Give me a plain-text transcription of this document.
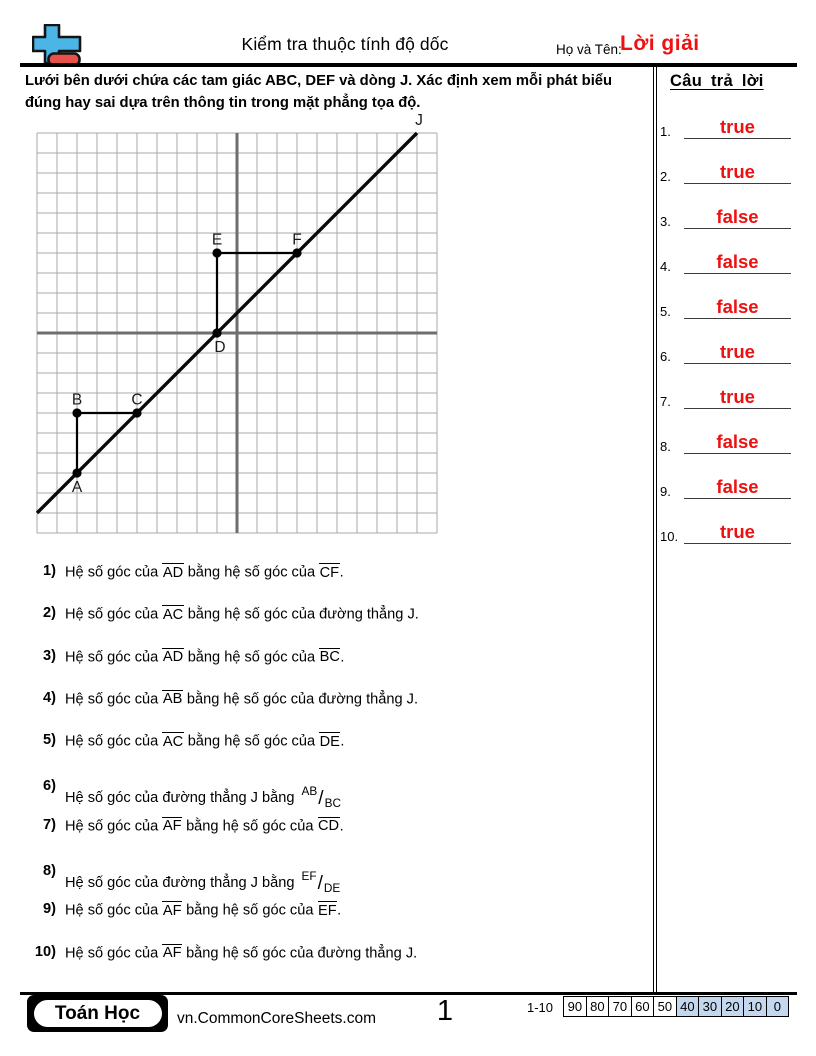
Kiểm tra thuộc tính độ dốc	Họ và Tên:
Lời giải
Lưới bên dưới chứa các tam giác ABC, DEF và dòng J. Xác định xem mỗi phát biểu
đúng hay sai dựa trên thông tin trong mặt phẳng tọa độ.
A
B	C
D
E	F
J
1) Hệ số góc của AD bằng hệ số góc của CF.
2) Hệ số góc của AC bằng hệ số góc của đường thẳng J.
3) Hệ số góc của AD bằng hệ số góc của BC.
4) Hệ số góc của AB bằng hệ số góc của đường thẳng J.
5) Hệ số góc của AC bằng hệ số góc của DE.
6)
Hệ số góc của đường thẳng J bằng $^{AB}/_{BC}$
7) Hệ số góc của AF bằng hệ số góc của CD.
8)
Hệ số góc của đường thẳng J bằng $^{EF}/_{DE}$
9) Hệ số góc của AF bằng hệ số góc của EF.
10) Hệ số góc của AF bằng hệ số góc của đường thẳng J.
Câu trả lời
1.	true
2.	true
3.	false
4.	false
5.	false
6.	true
7.	true
8.	false
9.	false
10.	true
Toán Học	vn.CommonCoreSheets.com	1	1-10	90 80 70 60 50 40 30 20 10 0
